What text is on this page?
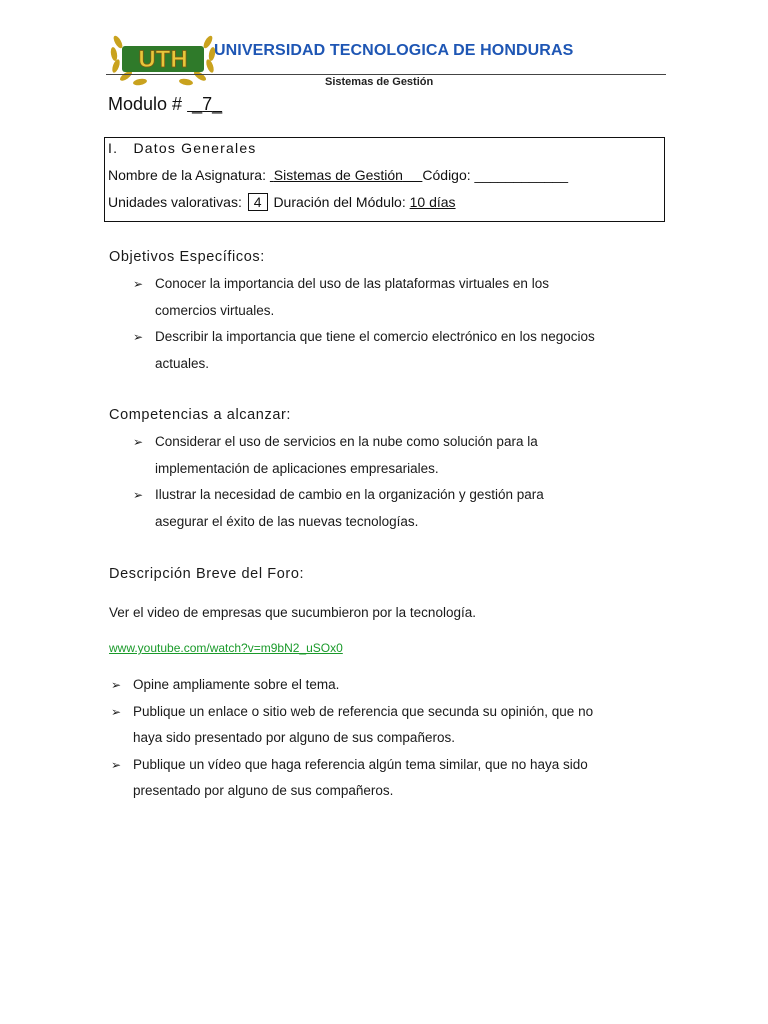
UTH UNIVERSIDAD TECNOLOGICA DE HONDURAS
Sistemas de Gestión
Modulo #  _7_
I.   Datos Generales
Nombre de la Asignatura: Sistemas de Gestión Código: ____________
Unidades valorativas: 4 Duración del Módulo: 10 días
Objetivos Específicos:
➢ Conocer la importancia del uso de las plataformas virtuales en los
comercios virtuales.
➢ Describir la importancia que tiene el comercio electrónico en los negocios
actuales.
Competencias a alcanzar:
➢ Considerar el uso de servicios en la nube como solución para la
implementación de aplicaciones empresariales.
➢ Ilustrar la necesidad de cambio en la organización y gestión para
asegurar el éxito de las nuevas tecnologías.
Descripción Breve del Foro:
Ver el video de empresas que sucumbieron por la tecnología.
www.youtube.com/watch?v=m9bN2_uSOx0
➢ Opine ampliamente sobre el tema.
➢ Publique un enlace o sitio web de referencia que secunda su opinión, que no
haya sido presentado por alguno de sus compañeros.
➢ Publique un vídeo que haga referencia algún tema similar, que no haya sido
presentado por alguno de sus compañeros.
